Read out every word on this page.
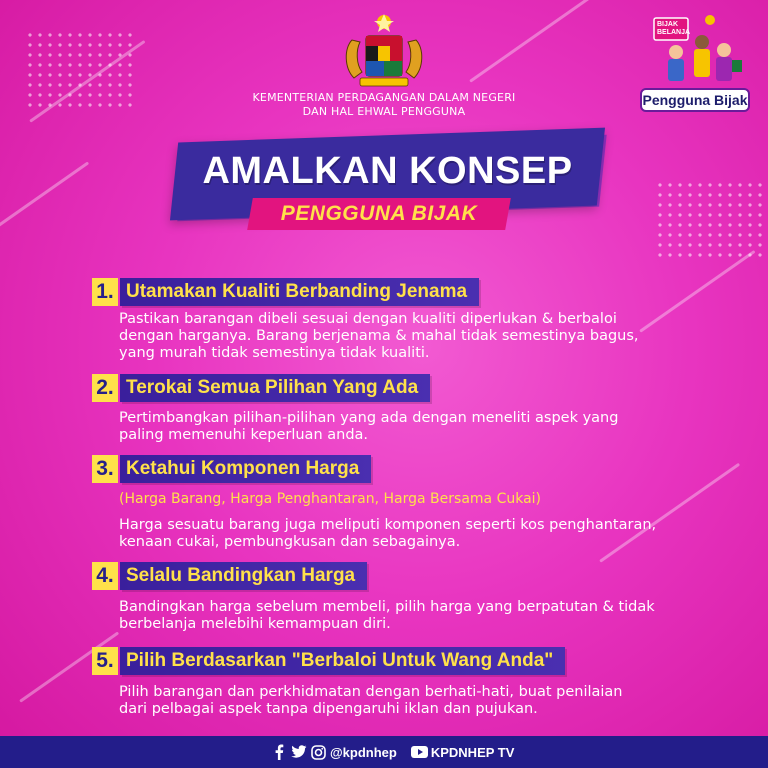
KEMENTERIAN PERDAGANGAN DALAM NEGERI
DAN HAL EHWAL PENGGUNA
BIJAK BELANJA
Pengguna Bijak
AMALKAN KONSEP
PENGGUNA BIJAK
1. Utamakan Kualiti Berbanding Jenama
Pastikan barangan dibeli sesuai dengan kualiti diperlukan & berbaloi
dengan harganya. Barang berjenama & mahal tidak semestinya bagus,
yang murah tidak semestinya tidak kualiti.
2. Terokai Semua Pilihan Yang Ada
Pertimbangkan pilihan-pilihan yang ada dengan meneliti aspek yang
paling memenuhi keperluan anda.
3. Ketahui Komponen Harga
(Harga Barang, Harga Penghantaran, Harga Bersama Cukai)
Harga sesuatu barang juga meliputi komponen seperti kos penghantaran,
kenaan cukai, pembungkusan dan sebagainya.
4. Selalu Bandingkan Harga
Bandingkan harga sebelum membeli, pilih harga yang berpatutan & tidak
berbelanja melebihi kemampuan diri.
5. Pilih Berdasarkan "Berbaloi Untuk Wang Anda"
Pilih barangan dan perkhidmatan dengan berhati-hati, buat penilaian
dari pelbagai aspek tanpa dipengaruhi iklan dan pujukan.
@kpdnhep	KPDNHEP TV
